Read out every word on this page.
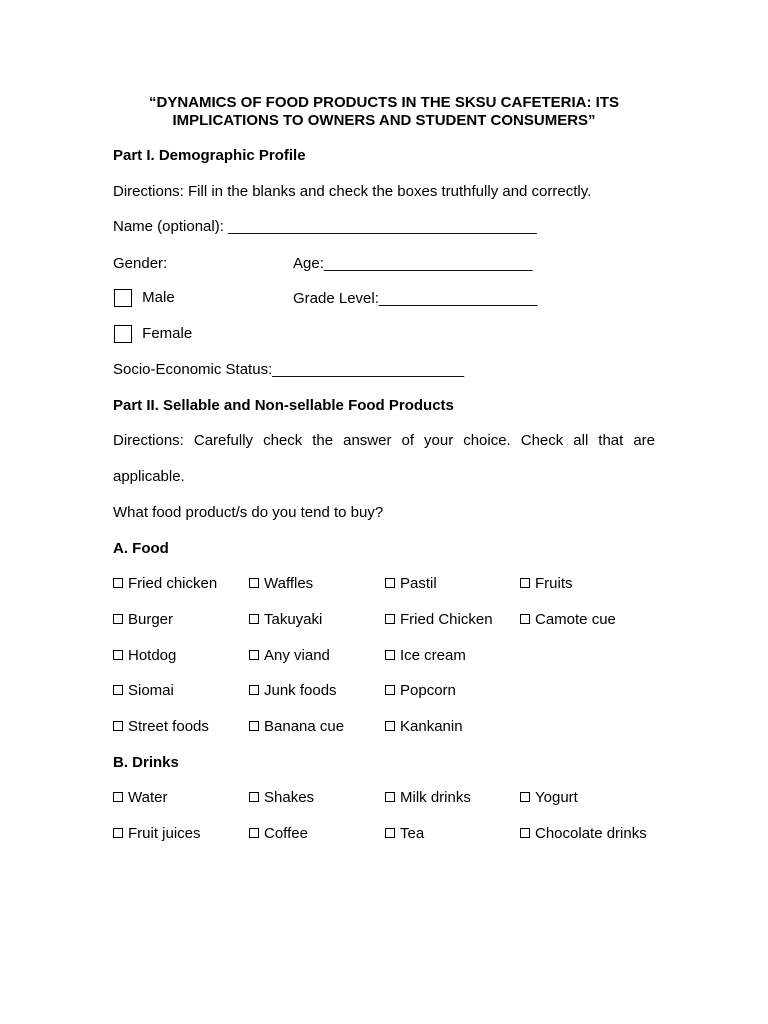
“DYNAMICS OF FOOD PRODUCTS IN THE SKSU CAFETERIA: ITS
IMPLICATIONS TO OWNERS AND STUDENT CONSUMERS”
Part I. Demographic Profile
Directions: Fill in the blanks and check the boxes truthfully and correctly.
Name (optional): _____________________________________
Gender:	Age:_________________________
Male	Grade Level:___________________
Female
Socio-Economic Status:_______________________
Part II. Sellable and Non-sellable Food Products
Directions: Carefully check the answer of your choice. Check all that are
applicable.
What food product/s do you tend to buy?
A. Food
Fried chicken	Waffles	Pastil	Fruits
Burger	Takuyaki	Fried Chicken	Camote cue
Hotdog	Any viand	Ice cream
Siomai	Junk foods	Popcorn
Street foods	Banana cue	Kankanin
B. Drinks
Water	Shakes	Milk drinks	Yogurt
Fruit juices	Coffee	Tea	Chocolate drinks
